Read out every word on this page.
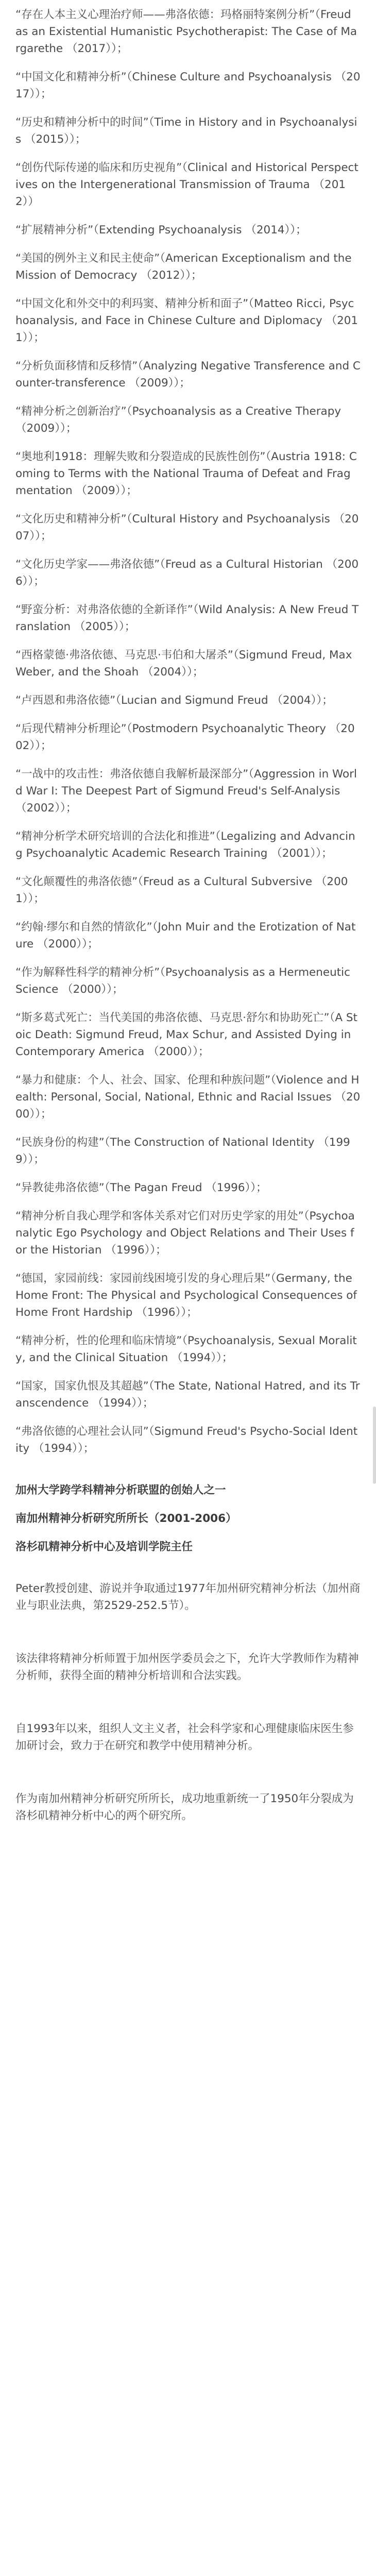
“存在人本主义心理治疗师——弗洛依德：玛格丽特案例分析”（Freud as an Existential Humanistic Psychotherapist: The Case of Margarethe （2017））；
“中国文化和精神分析”（Chinese Culture and Psychoanalysis （2017））；
“历史和精神分析中的时间”（Time in History and in Psychoanalysis （2015））；
“创伤代际传递的临床和历史视角”（Clinical and Historical Perspectives on the Intergenerational Transmission of Trauma （2012））
“扩展精神分析”（Extending Psychoanalysis （2014））；
“美国的例外主义和民主使命”（American Exceptionalism and the Mission of Democracy （2012））；
“中国文化和外交中的利玛窦、精神分析和面子”（Matteo Ricci, Psychoanalysis, and Face in Chinese Culture and Diplomacy （2011））；
“分析负面移情和反移情”（Analyzing Negative Transference and Counter-transference （2009））；
“精神分析之创新治疗”（Psychoanalysis as a Creative Therapy （2009））；
“奥地利1918：理解失败和分裂造成的民族性创伤”（Austria 1918: Coming to Terms with the National Trauma of Defeat and Fragmentation （2009））；
“文化历史和精神分析”（Cultural History and Psychoanalysis （2007））；
“文化历史学家——弗洛依德”（Freud as a Cultural Historian （2006））；
“野蛮分析：对弗洛依德的全新译作”（Wild Analysis: A New Freud Translation （2005））；
“西格蒙德·弗洛依德、马克思·韦伯和大屠杀”（Sigmund Freud, Max Weber, and the Shoah （2004））；
“卢西恩和弗洛依德”（Lucian and Sigmund Freud （2004））；
“后现代精神分析理论”（Postmodern Psychoanalytic Theory （2002））；
“一战中的攻击性：弗洛依德自我解析最深部分”（Aggression in World War I: The Deepest Part of Sigmund Freud's Self-Analysis （2002））；
“精神分析学术研究培训的合法化和推进”（Legalizing and Advancing Psychoanalytic Academic Research Training （2001））；
“文化颠覆性的弗洛依德”（Freud as a Cultural Subversive （2001））；
“约翰·缪尔和自然的情欲化”（John Muir and the Erotization of Nature （2000））；
“作为解释性科学的精神分析”（Psychoanalysis as a Hermeneutic Science （2000））；
“斯多葛式死亡：当代美国的弗洛依德、马克思·舒尔和协助死亡”（A Stoic Death: Sigmund Freud, Max Schur, and Assisted Dying in Contemporary America （2000））；
“暴力和健康：个人、社会、国家、伦理和种族问题”（Violence and Health: Personal, Social, National, Ethnic and Racial Issues （2000））；
“民族身份的构建”（The Construction of National Identity （1999））；
“异教徒弗洛依德”（The Pagan Freud （1996））；
“精神分析自我心理学和客体关系对它们对历史学家的用处”（Psychoanalytic Ego Psychology and Object Relations and Their Uses for the Historian （1996））；
“德国，家园前线：家园前线困境引发的身心理后果”（Germany, the Home Front: The Physical and Psychological Consequences of Home Front Hardship （1996））；
“精神分析，性的伦理和临床情境”（Psychoanalysis, Sexual Morality, and the Clinical Situation （1994））；
“国家，国家仇恨及其超越”（The State, National Hatred, and its Transcendence （1994））；
“弗洛依德的心理社会认同”（Sigmund Freud's Psycho-Social Identity （1994））；

加州大学跨学科精神分析联盟的创始人之一

南加州精神分析研究所所长（2001-2006）

洛杉矶精神分析中心及培训学院主任

Peter教授创建、游说并争取通过1977年加州研究精神分析法（加州商业与职业法典，第2529-252.5节）。

该法律将精神分析师置于加州医学委员会之下，允许大学教师作为精神分析师，获得全面的精神分析培训和合法实践。

自1993年以来，组织人文主义者，社会科学家和心理健康临床医生参加研讨会，致力于在研究和教学中使用精神分析。

作为南加州精神分析研究所所长，成功地重新统一了1950年分裂成为洛杉矶精神分析中心的两个研究所。
